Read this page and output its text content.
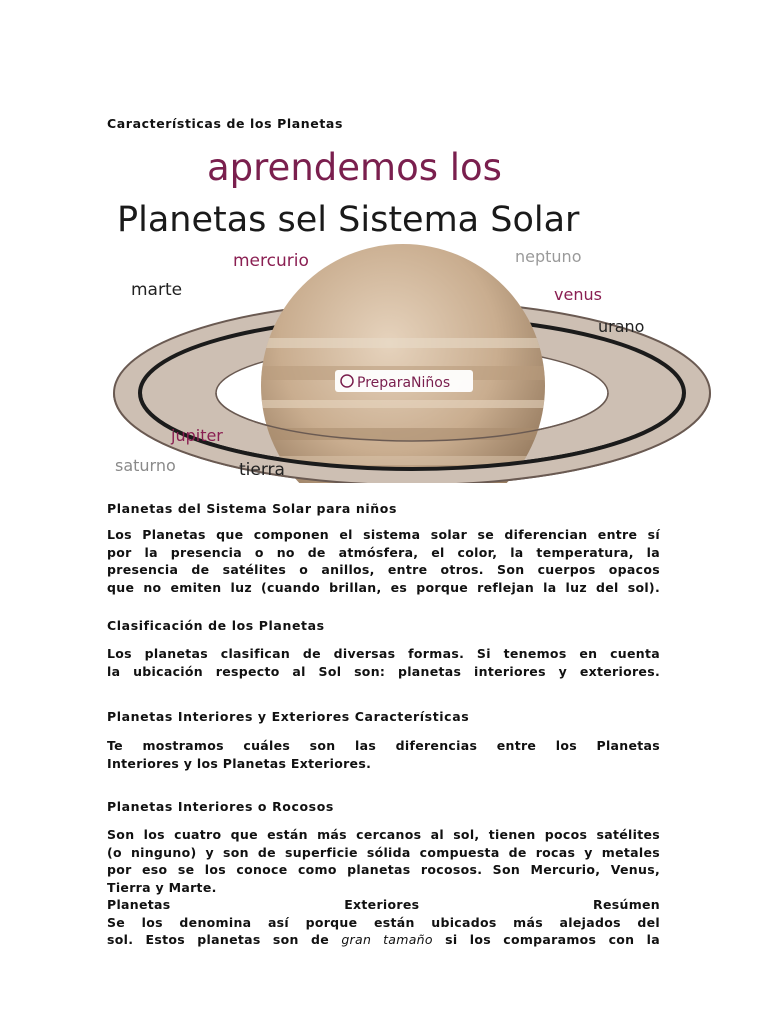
Características de los Planetas
aprendemos los
Planetas sel Sistema Solar
PreparaNiños
mercurio	neptuno
marte	venus
urano
jupiter
saturno	tierra
Planetas del Sistema Solar para niños
Los Planetas que componen el sistema solar se diferencian entre sí
por la presencia o no de atmósfera, el color, la temperatura, la
presencia de satélites o anillos, entre otros. Son cuerpos opacos
que no emiten luz (cuando brillan, es porque reflejan la luz del sol).
Clasificación de los Planetas
Los planetas clasifican de diversas formas. Si tenemos en cuenta
la ubicación respecto al Sol son: planetas interiores y exteriores.
Planetas Interiores y Exteriores Características
Te mostramos cuáles son las diferencias entre los Planetas
Interiores y los Planetas Exteriores.
Planetas Interiores o Rocosos
Son los cuatro que están más cercanos al sol, tienen pocos satélites
(o ninguno) y son de superficie sólida compuesta de rocas y metales
por eso se los conoce como planetas rocosos. Son Mercurio, Venus,
Tierra y Marte.
Planetas	Exteriores	Resúmen
Se los denomina así porque están ubicados más alejados del
sol. Estos planetas son de gran tamaño si los comparamos con la
